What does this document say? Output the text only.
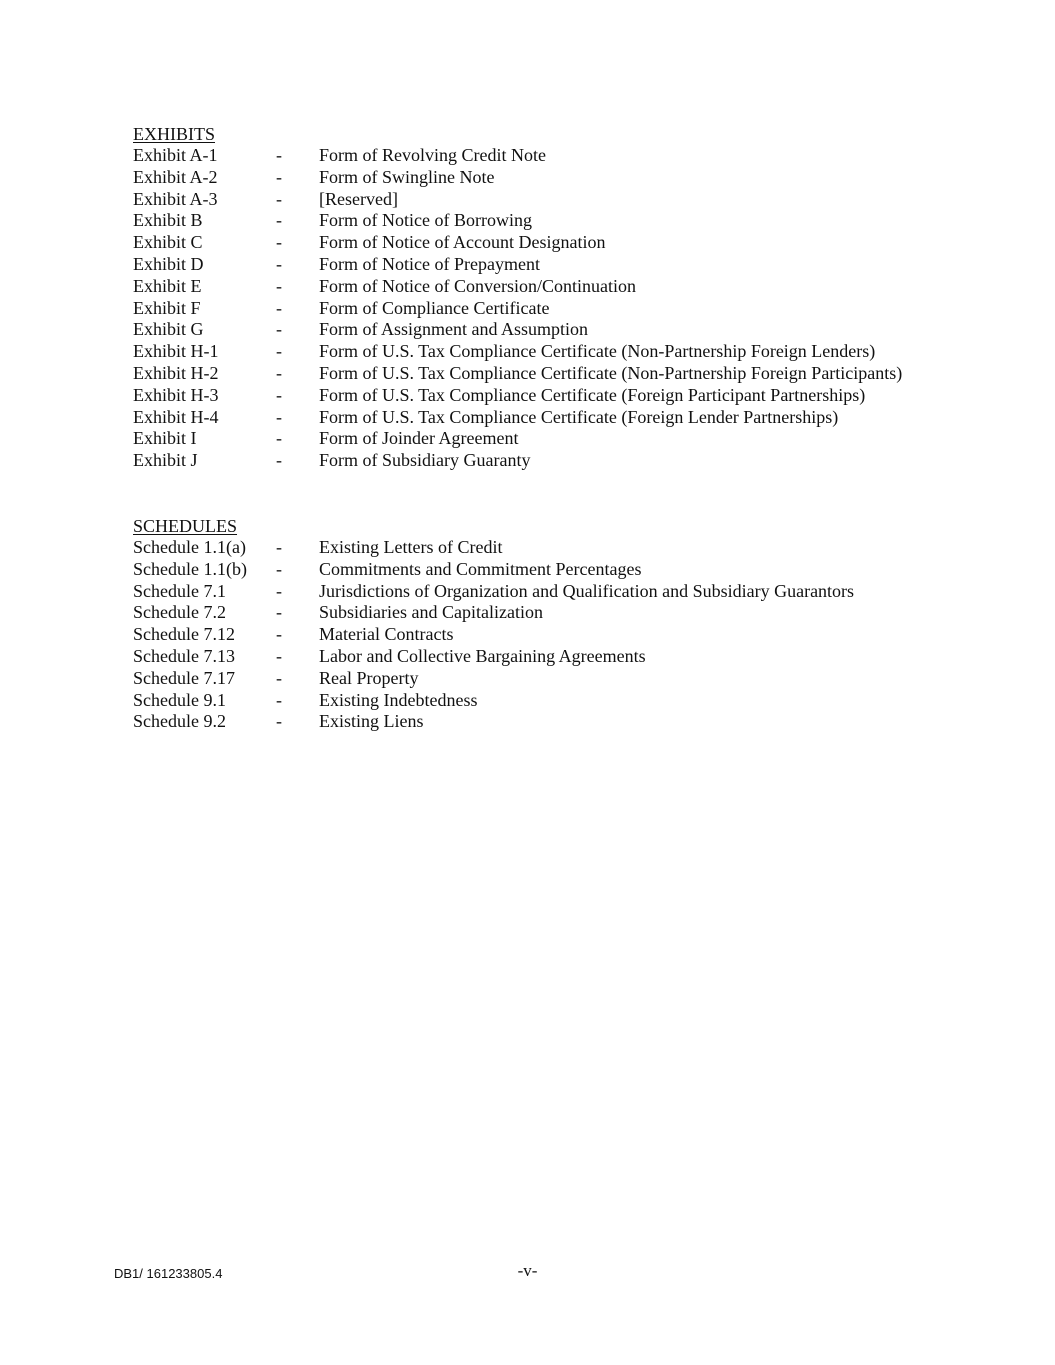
EXHIBITS
Exhibit A-1	-	Form of Revolving Credit Note
Exhibit A-2	-	Form of Swingline Note
Exhibit A-3	-	[Reserved]
Exhibit B	-	Form of Notice of Borrowing
Exhibit C	-	Form of Notice of Account Designation
Exhibit D	-	Form of Notice of Prepayment
Exhibit E	-	Form of Notice of Conversion/Continuation
Exhibit F	-	Form of Compliance Certificate
Exhibit G	-	Form of Assignment and Assumption
Exhibit H-1	-	Form of U.S. Tax Compliance Certificate (Non-Partnership Foreign Lenders)
Exhibit H-2	-	Form of U.S. Tax Compliance Certificate (Non-Partnership Foreign Participants)
Exhibit H-3	-	Form of U.S. Tax Compliance Certificate (Foreign Participant Partnerships)
Exhibit H-4	-	Form of U.S. Tax Compliance Certificate (Foreign Lender Partnerships)
Exhibit I	-	Form of Joinder Agreement
Exhibit J	-	Form of Subsidiary Guaranty
SCHEDULES
Schedule 1.1(a)	-	Existing Letters of Credit
Schedule 1.1(b)	-	Commitments and Commitment Percentages
Schedule 7.1	-	Jurisdictions of Organization and Qualification and Subsidiary Guarantors
Schedule 7.2	-	Subsidiaries and Capitalization
Schedule 7.12	-	Material Contracts
Schedule 7.13	-	Labor and Collective Bargaining Agreements
Schedule 7.17	-	Real Property
Schedule 9.1	-	Existing Indebtedness
Schedule 9.2	-	Existing Liens
DB1/ 161233805.4	-v-
